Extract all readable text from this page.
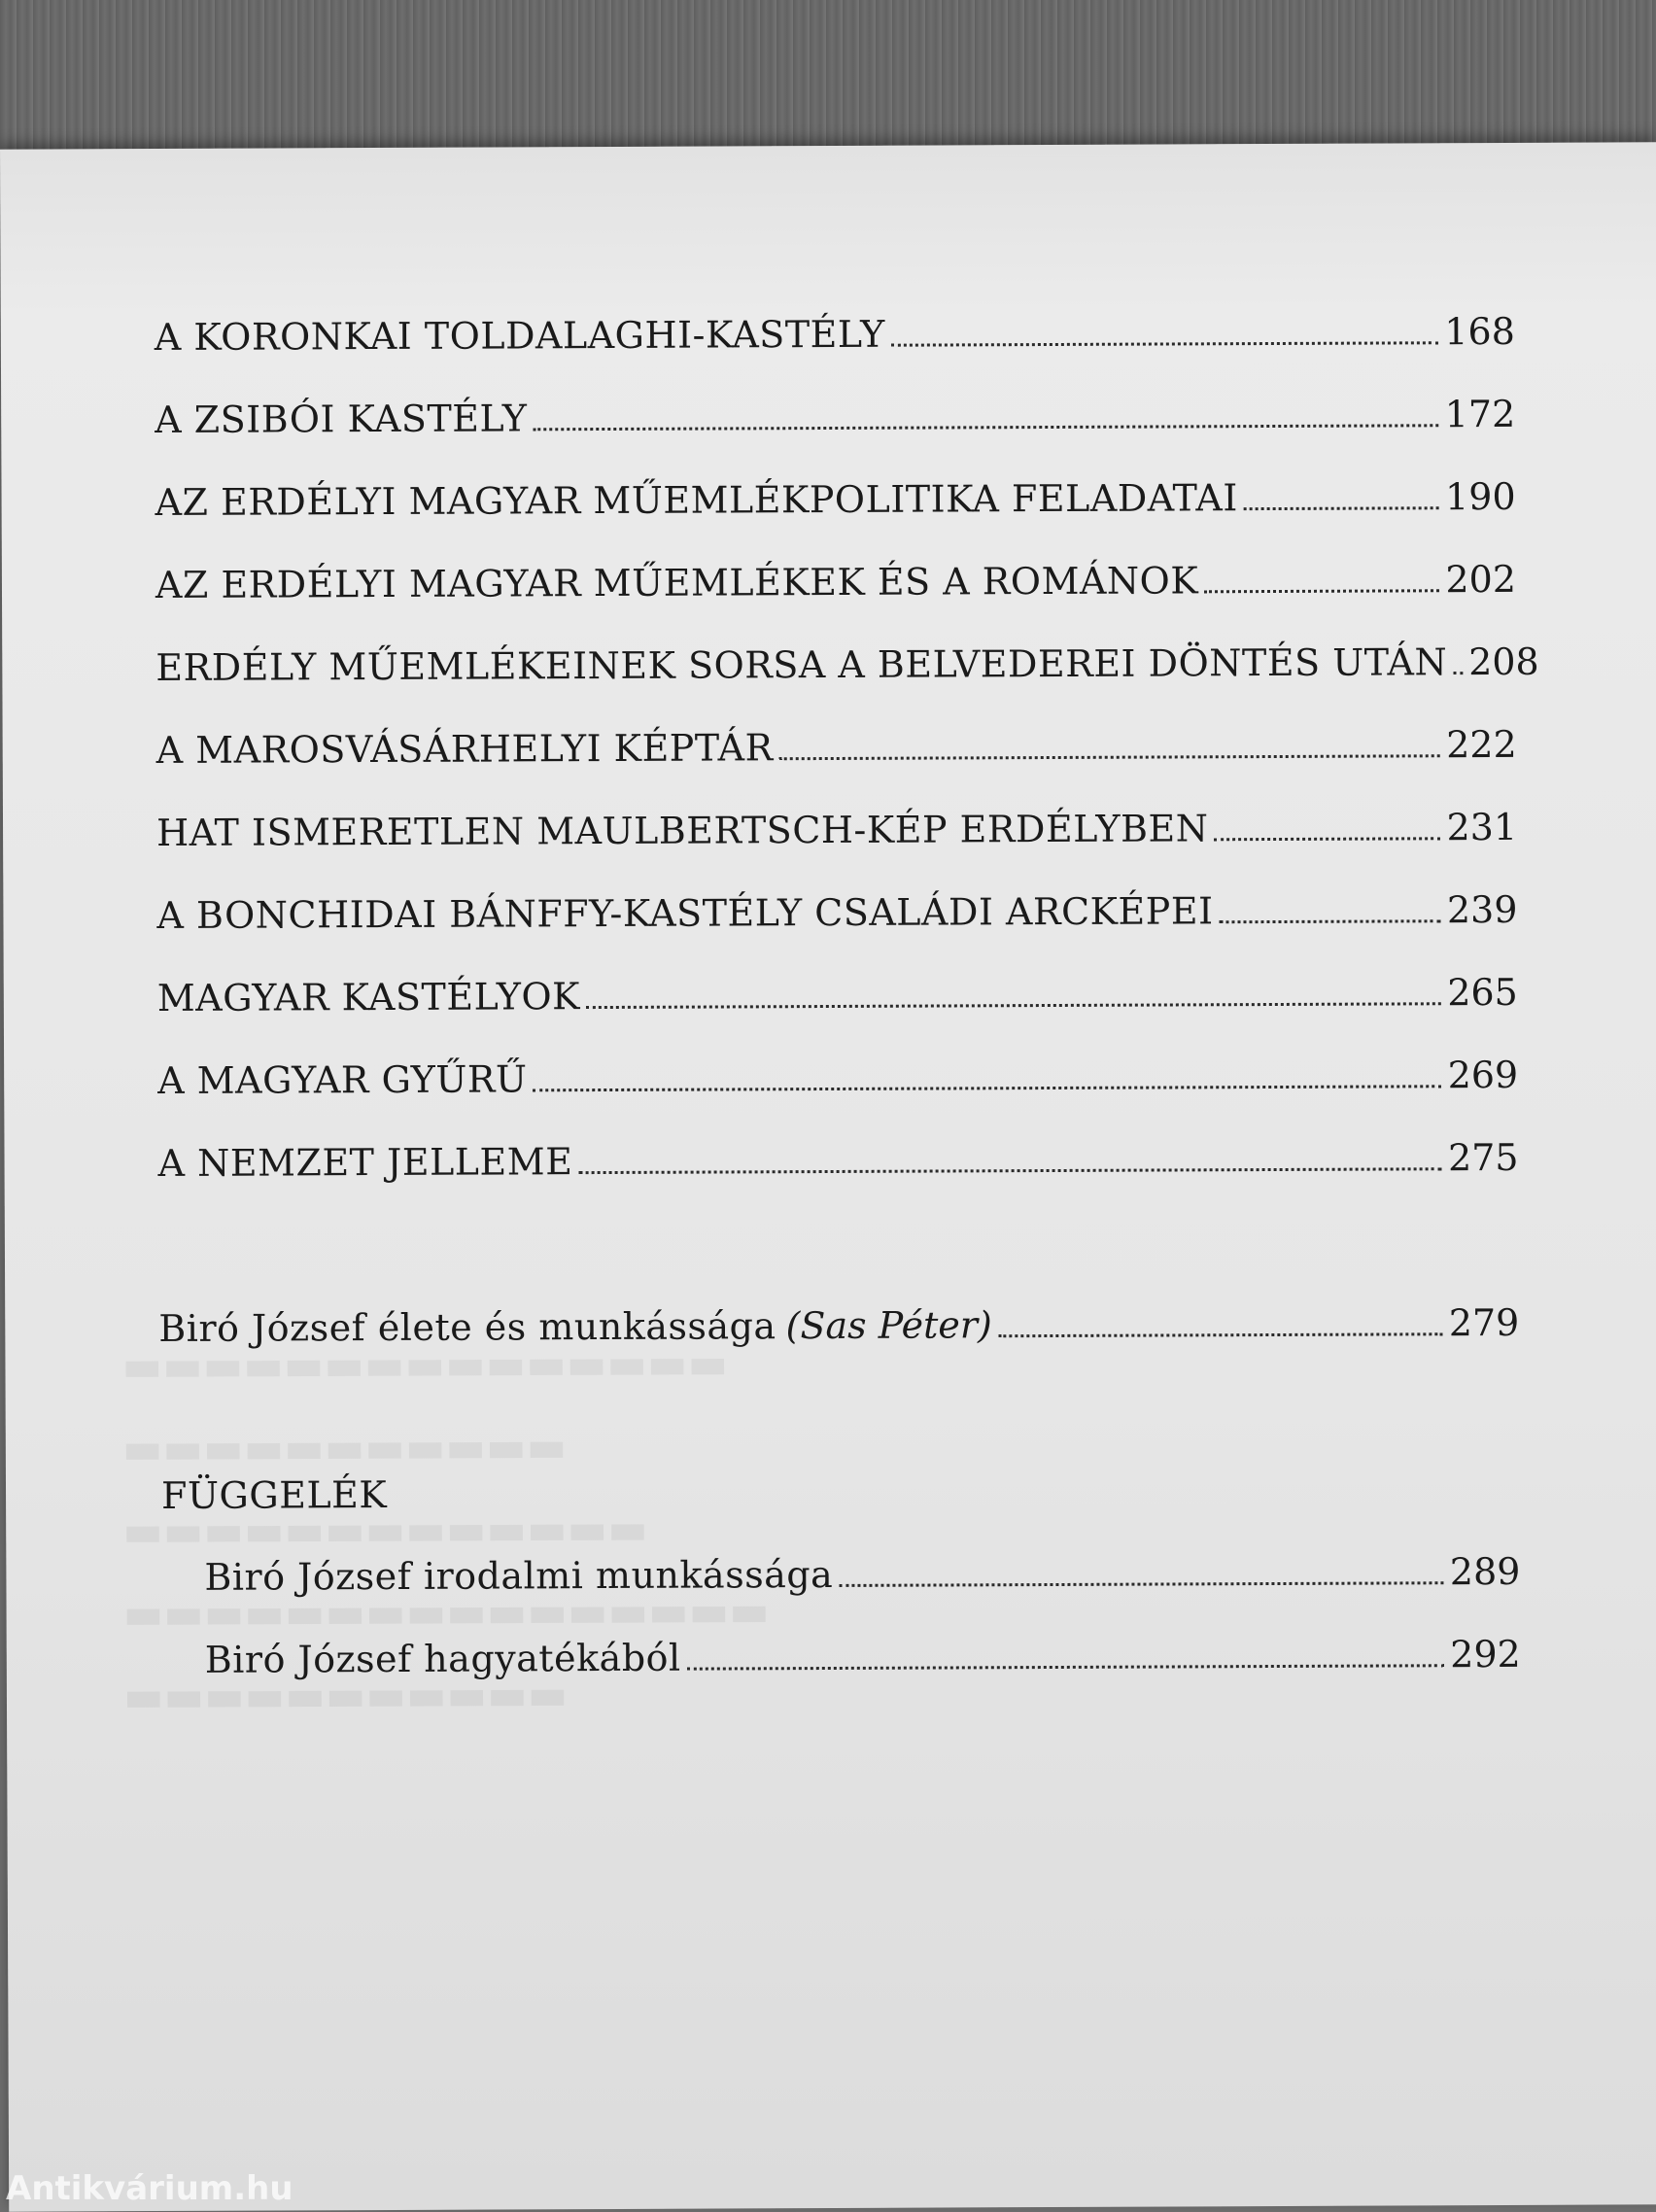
▬▬▬▬▬▬▬▬▬▬▬▬▬▬▬
▬▬▬▬▬▬▬▬▬▬▬
▬▬▬▬▬▬▬▬▬▬▬▬▬
▬▬▬▬▬▬▬▬▬▬▬▬▬▬▬▬
▬▬▬▬▬▬▬▬▬▬▬
A KORONKAI TOLDALAGHI-KASTÉLY	168
A ZSIBÓI KASTÉLY	172
AZ ERDÉLYI MAGYAR MŰEMLÉKPOLITIKA FELADATAI	190
AZ ERDÉLYI MAGYAR MŰEMLÉKEK ÉS A ROMÁNOK	202
ERDÉLY MŰEMLÉKEINEK SORSA A BELVEDEREI DÖNTÉS UTÁN 208
A MAROSVÁSÁRHELYI KÉPTÁR	222
HAT ISMERETLEN MAULBERTSCH-KÉP ERDÉLYBEN	231
A BONCHIDAI BÁNFFY-KASTÉLY CSALÁDI ARCKÉPEI	239
MAGYAR KASTÉLYOK	265
A MAGYAR GYŰRŰ	269
A NEMZET JELLEME	275
Biró József élete és munkássága (Sas Péter)	279
FÜGGELÉK
Biró József irodalmi munkássága	289
Biró József hagyatékából	292
Antikvárium.hu
